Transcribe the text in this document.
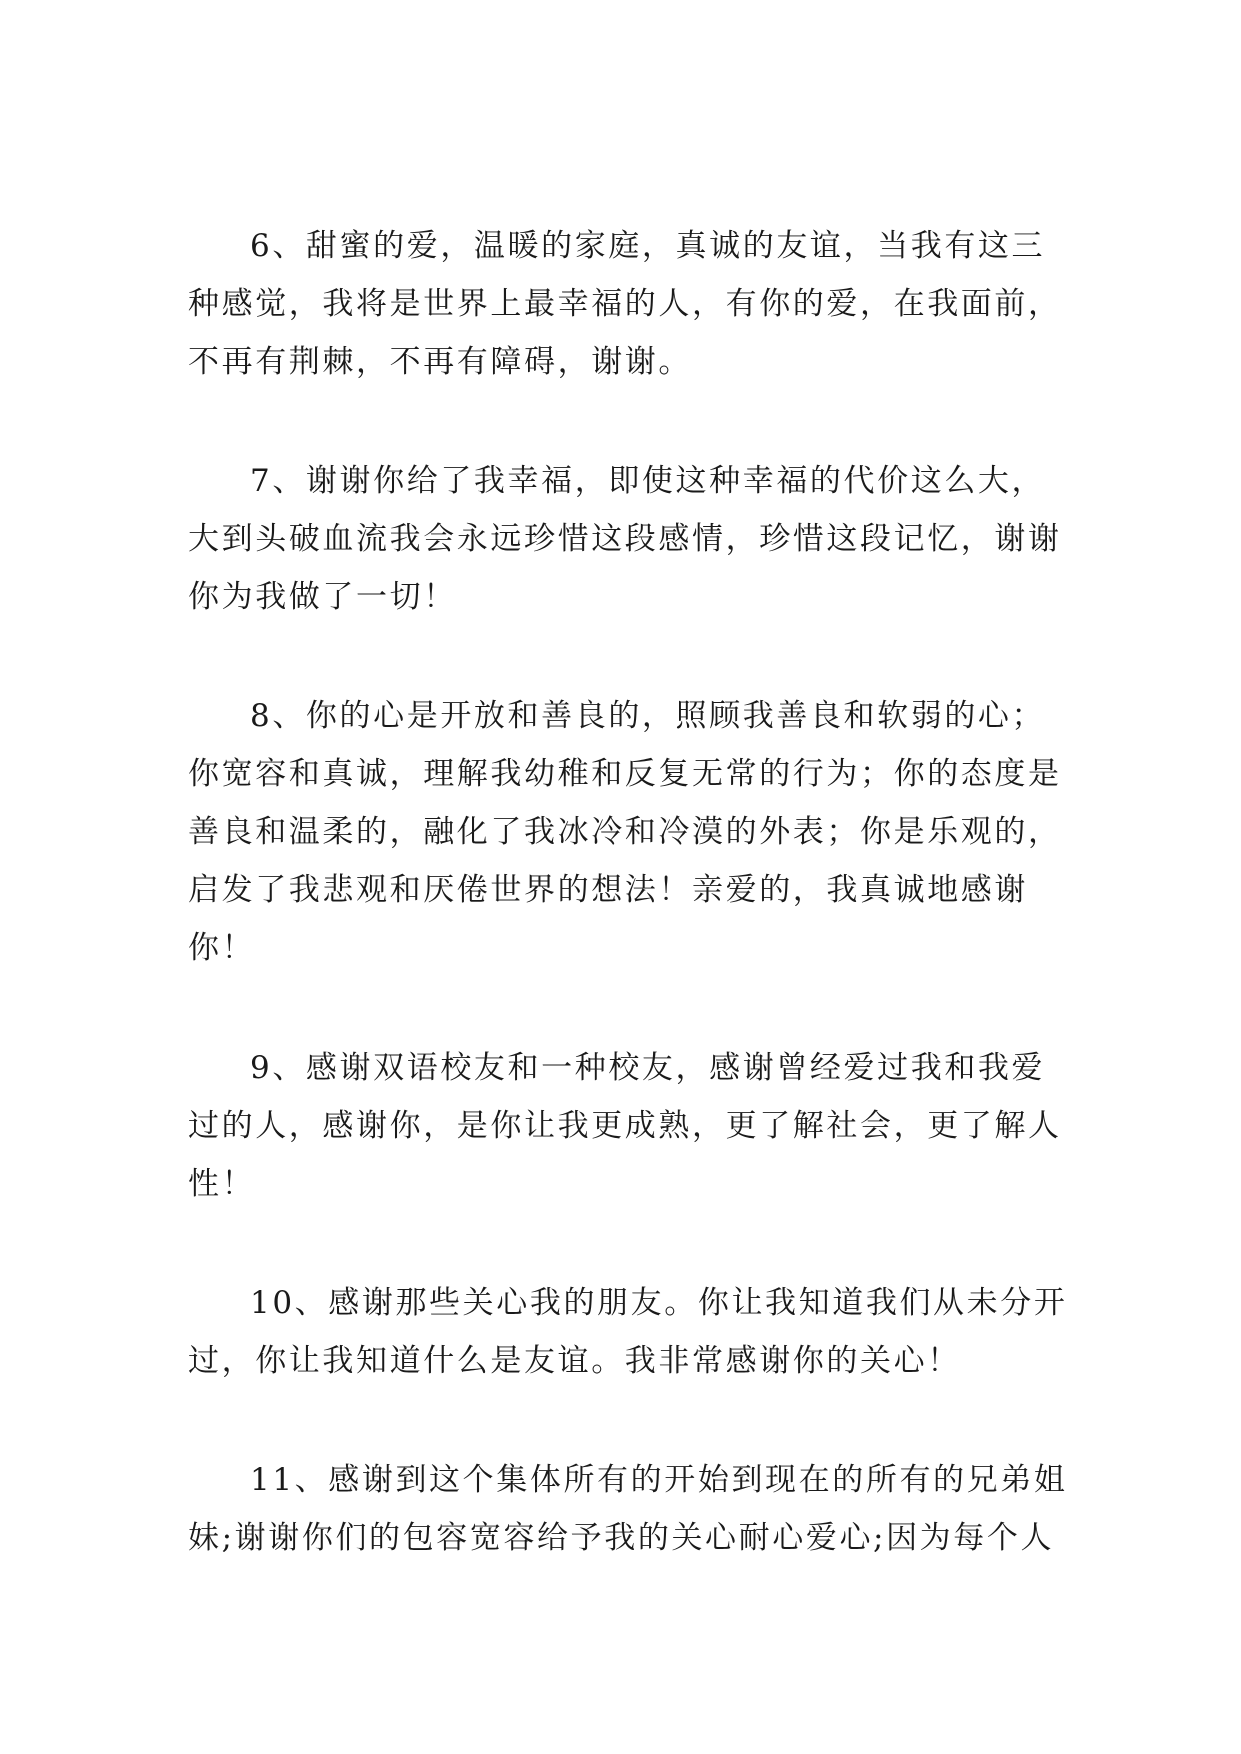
6、甜蜜的爱，温暖的家庭，真诚的友谊，当我有这三
种感觉，我将是世界上最幸福的人，有你的爱，在我面前，
不再有荆棘，不再有障碍，谢谢。
7、谢谢你给了我幸福，即使这种幸福的代价这么大，
大到头破血流我会永远珍惜这段感情，珍惜这段记忆，谢谢
你为我做了一切！
8、你的心是开放和善良的，照顾我善良和软弱的心；
你宽容和真诚，理解我幼稚和反复无常的行为；你的态度是
善良和温柔的，融化了我冰冷和冷漠的外表；你是乐观的，
启发了我悲观和厌倦世界的想法！亲爱的，我真诚地感谢
你！
9、感谢双语校友和一种校友，感谢曾经爱过我和我爱
过的人，感谢你，是你让我更成熟，更了解社会，更了解人
性！
10、感谢那些关心我的朋友。你让我知道我们从未分开
过，你让我知道什么是友谊。我非常感谢你的关心！
11、感谢到这个集体所有的开始到现在的所有的兄弟姐
妹;谢谢你们的包容宽容给予我的关心耐心爱心;因为每个人
